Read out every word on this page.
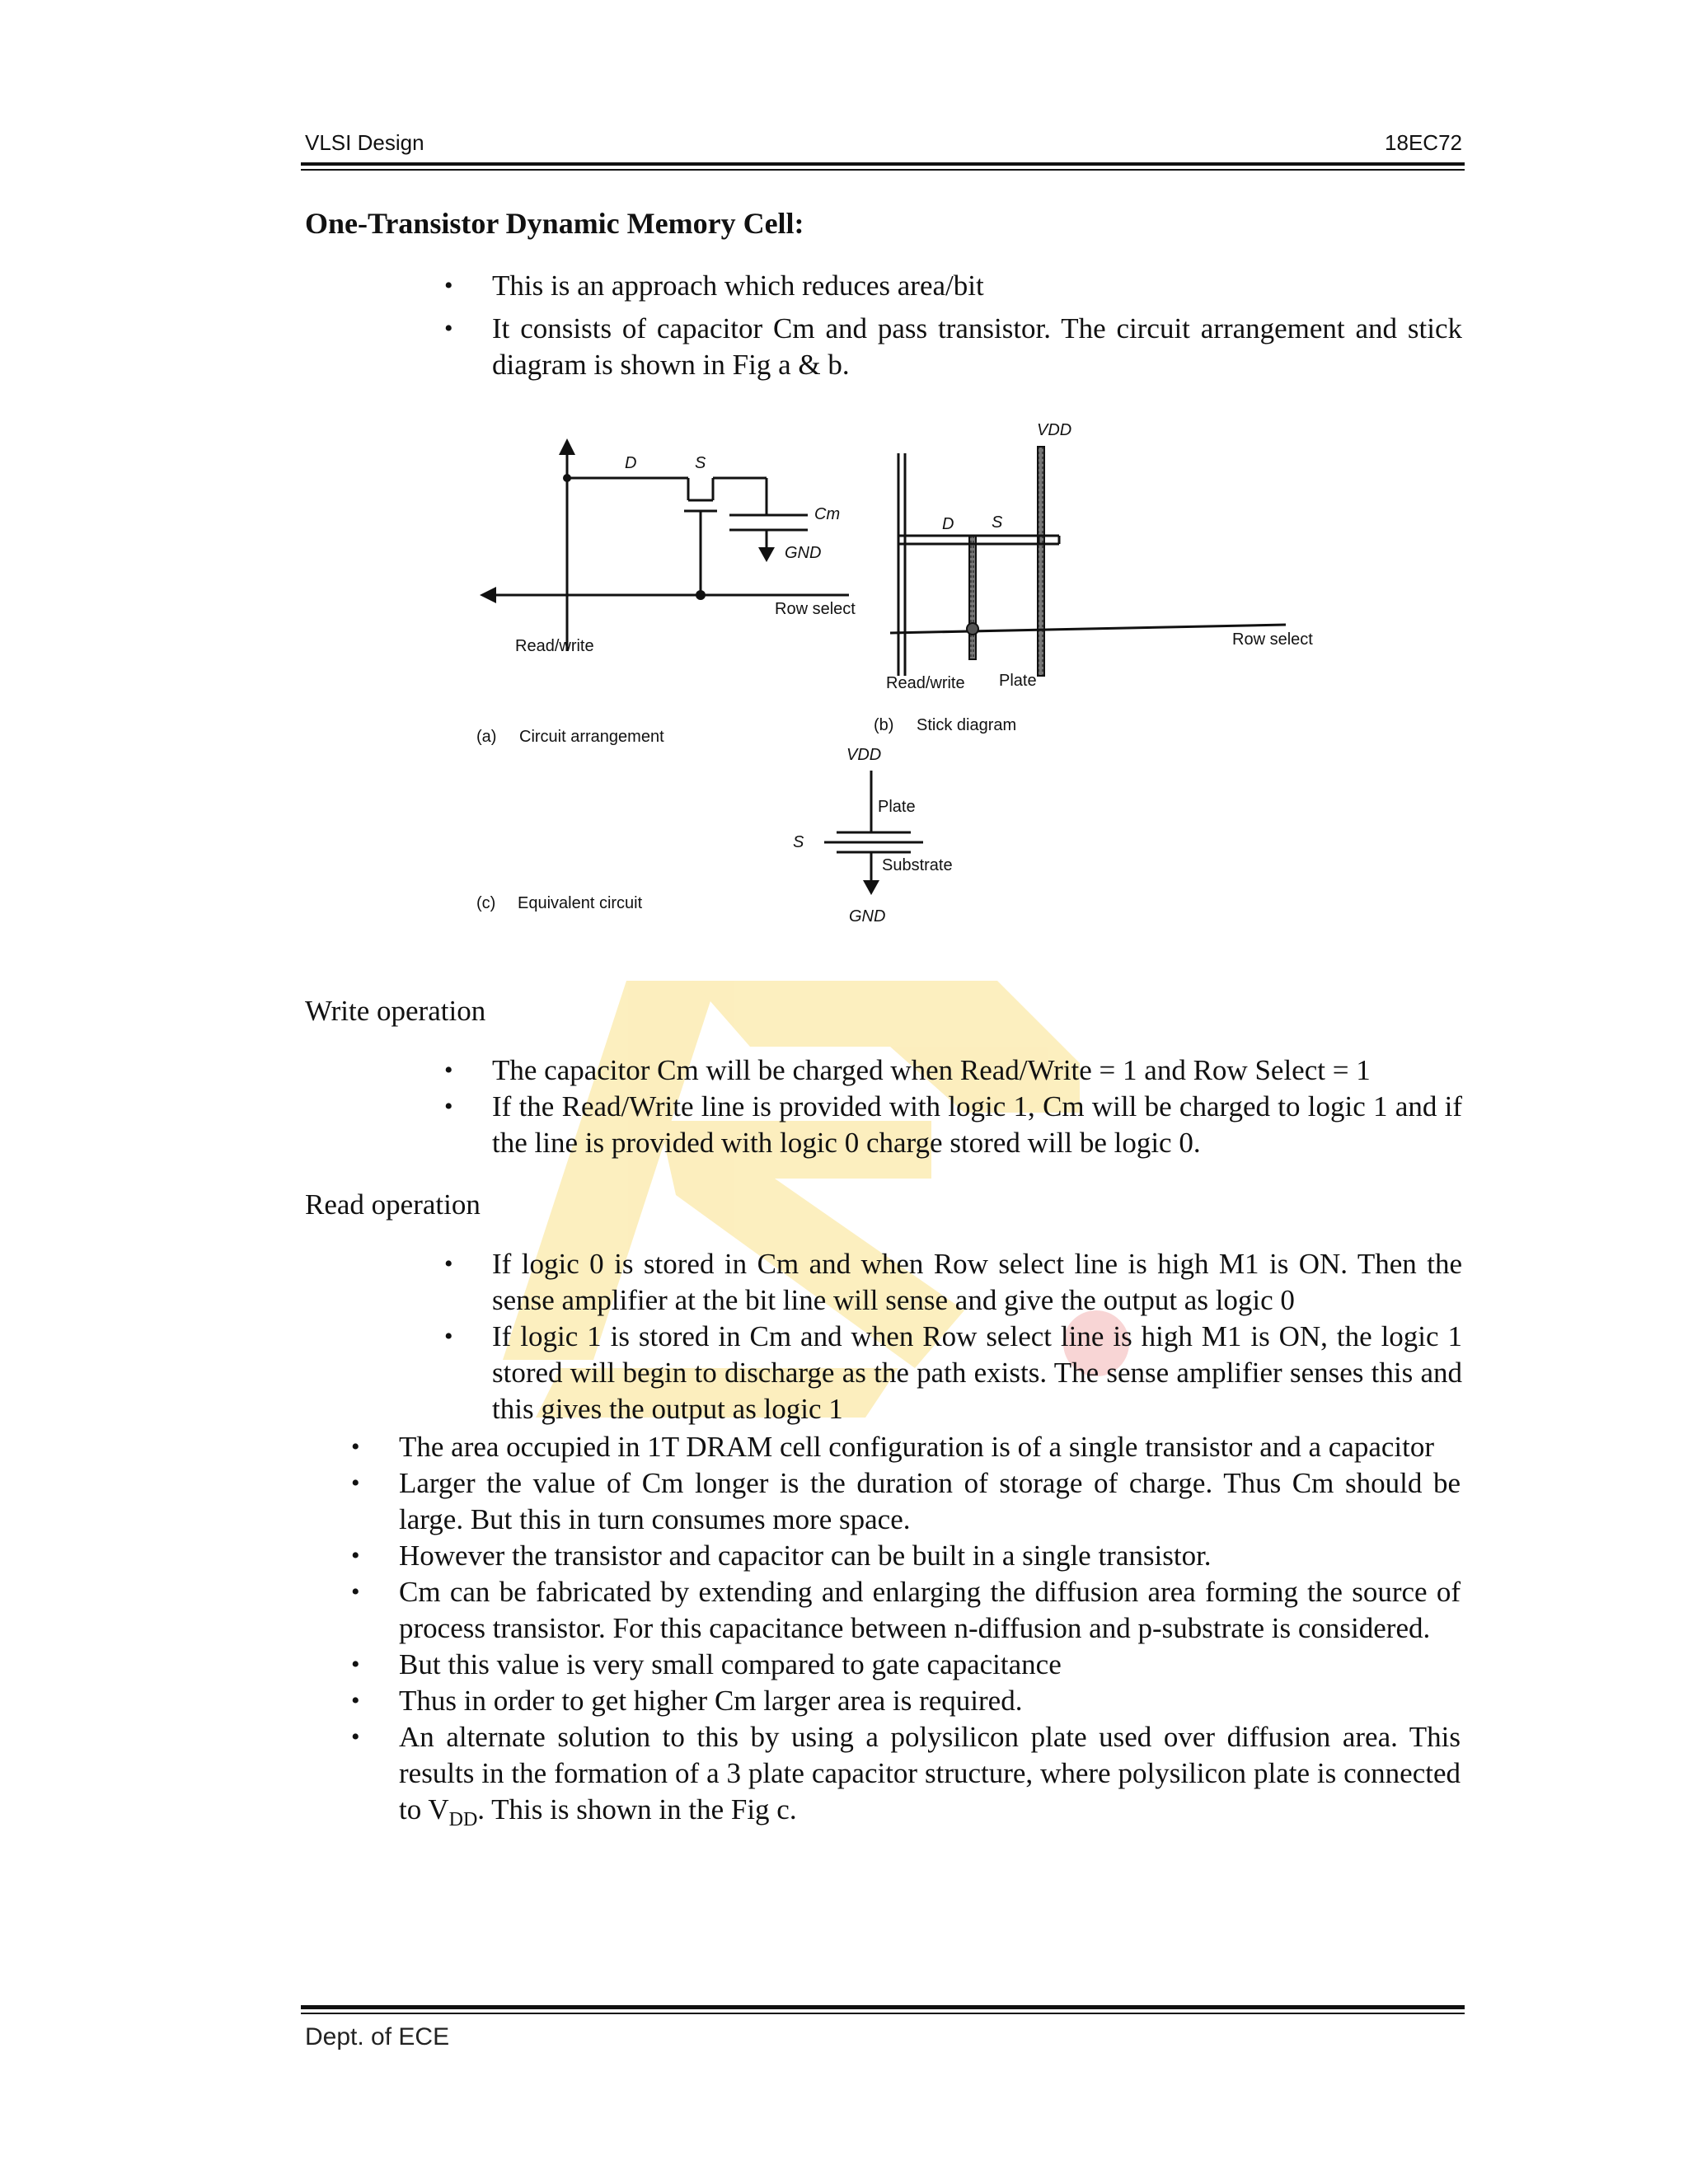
VLSI Design	18EC72
One-Transistor Dynamic Memory Cell:
• This is an approach which reduces area/bit
• It consists of capacitor Cm and pass transistor. The circuit arrangement and stick diagram is shown in Fig a & b.
D	S
Cm
GND
Row select
Read/write
(a) Circuit arrangement
VDD
D S
Row select
Plate
Read/write
(b) Stick diagram
VDD
Plate
S
Substrate
GND
(c) Equivalent circuit
Write operation
• The capacitor Cm will be charged when Read/Write = 1 and Row Select = 1
• If the Read/Write line is provided with logic 1, Cm will be charged to logic 1 and if the line is provided with logic 0 charge stored will be logic 0.
Read operation
• If logic 0 is stored in Cm and when Row select line is high M1 is ON. Then the sense amplifier at the bit line will sense and give the output as logic 0
• If logic 1 is stored in Cm and when Row select line is high M1 is ON, the logic 1 stored will begin to discharge as the path exists. The sense amplifier senses this and this gives the output as logic 1
• The area occupied in 1T DRAM cell configuration is of a single transistor and a capacitor
• Larger the value of Cm longer is the duration of storage of charge. Thus Cm should be large. But this in turn consumes more space.
• However the transistor and capacitor can be built in a single transistor.
• Cm can be fabricated by extending and enlarging the diffusion area forming the source of process transistor. For this capacitance between n-diffusion and p-substrate is considered.
• But this value is very small compared to gate capacitance
• Thus in order to get higher Cm larger area is required.
• An alternate solution to this by using a polysilicon plate used over diffusion area. This results in the formation of a 3 plate capacitor structure, where polysilicon plate is connected to $V_{DD}$. This is shown in the Fig c.
Dept. of ECE
